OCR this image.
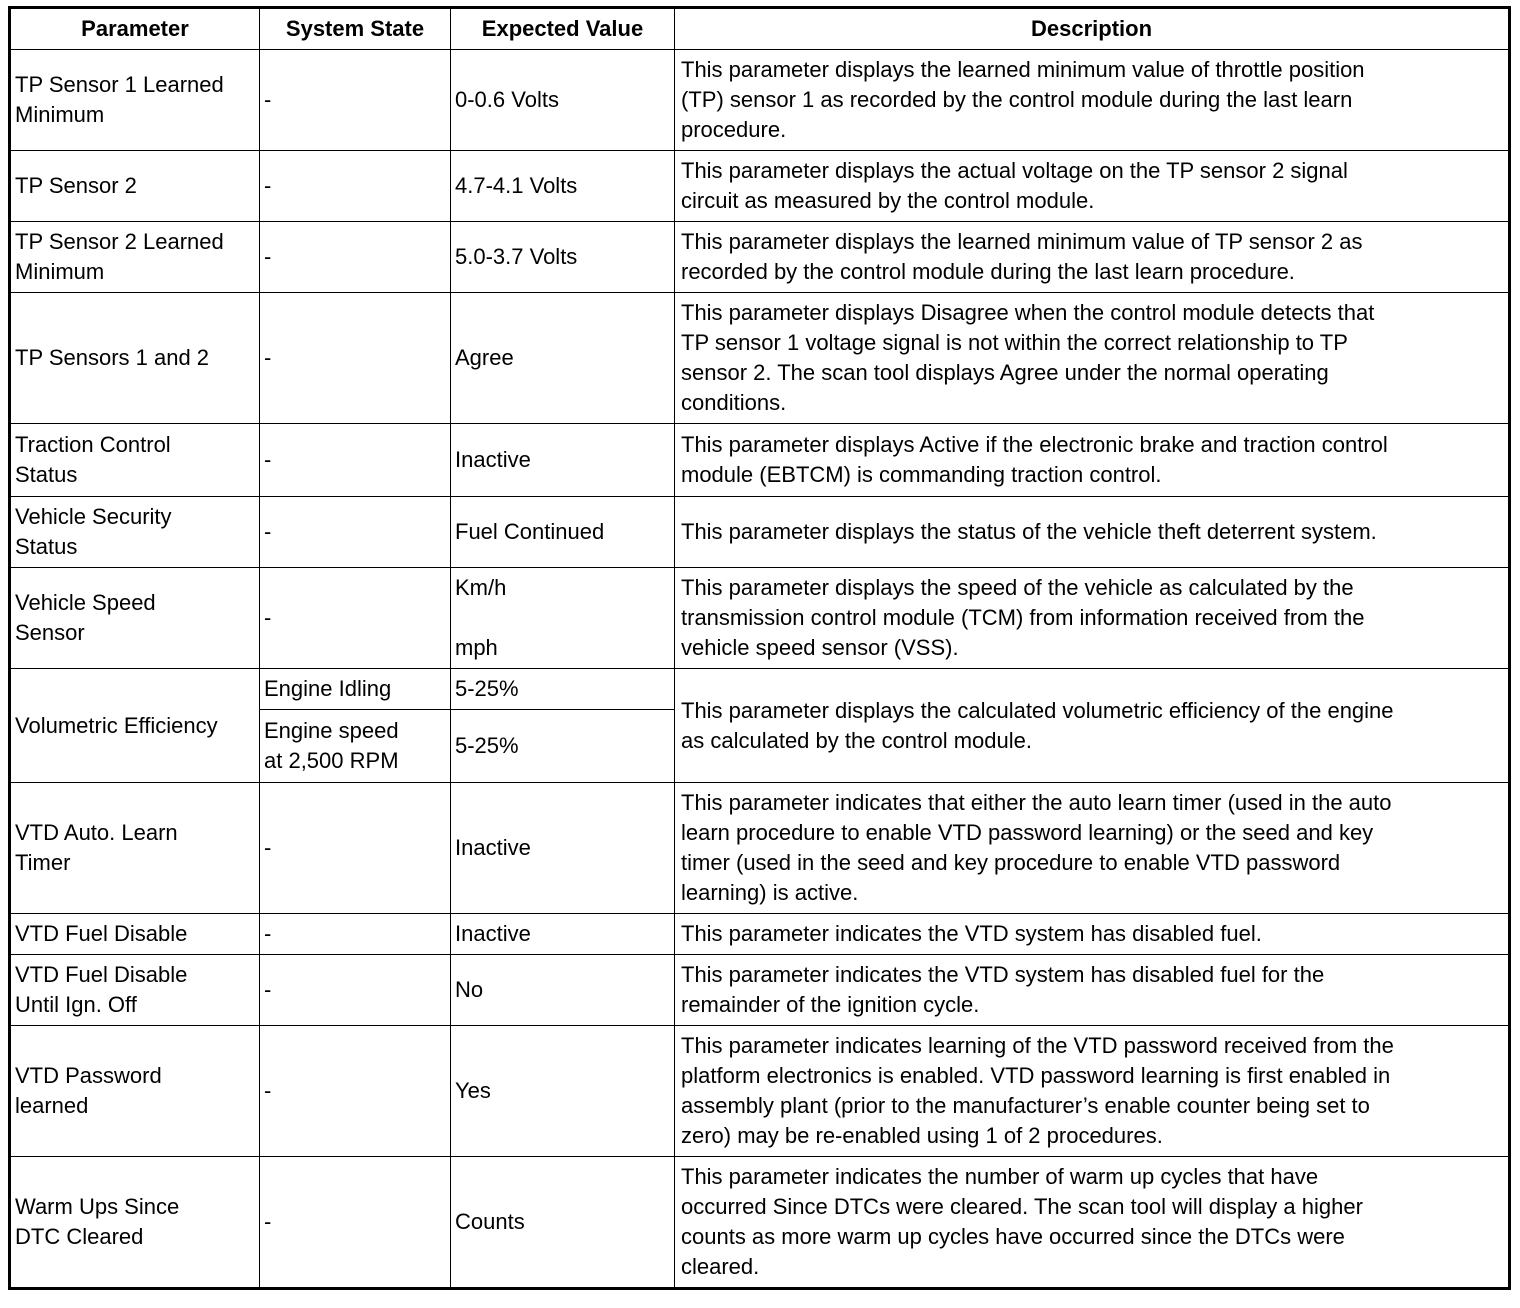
Parameter	System State	Expected Value	Description
TP Sensor 1 Learned
Minimum	-	0-0.6 Volts	This parameter displays the learned minimum value of throttle position
(TP) sensor 1 as recorded by the control module during the last learn
procedure.
TP Sensor 2	-	4.7-4.1 Volts	This parameter displays the actual voltage on the TP sensor 2 signal
circuit as measured by the control module.
TP Sensor 2 Learned
Minimum	-	5.0-3.7 Volts	This parameter displays the learned minimum value of TP sensor 2 as
recorded by the control module during the last learn procedure.
TP Sensors 1 and 2	-	Agree	This parameter displays Disagree when the control module detects that
TP sensor 1 voltage signal is not within the correct relationship to TP
sensor 2. The scan tool displays Agree under the normal operating
conditions.
Traction Control
Status	-	Inactive	This parameter displays Active if the electronic brake and traction control
module (EBTCM) is commanding traction control.
Vehicle Security
Status	-	Fuel Continued	This parameter displays the status of the vehicle theft deterrent system.
Vehicle Speed
Sensor	-	Km/h

mph	This parameter displays the speed of the vehicle as calculated by the
transmission control module (TCM) from information received from the
vehicle speed sensor (VSS).
Volumetric Efficiency	Engine Idling	5-25%	This parameter displays the calculated volumetric efficiency of the engine
as calculated by the control module.
	Engine speed
at 2,500 RPM	5-25%	
VTD Auto. Learn
Timer	-	Inactive	This parameter indicates that either the auto learn timer (used in the auto
learn procedure to enable VTD password learning) or the seed and key
timer (used in the seed and key procedure to enable VTD password
learning) is active.
VTD Fuel Disable	-	Inactive	This parameter indicates the VTD system has disabled fuel.
VTD Fuel Disable
Until Ign. Off	-	No	This parameter indicates the VTD system has disabled fuel for the
remainder of the ignition cycle.
VTD Password
learned	-	Yes	This parameter indicates learning of the VTD password received from the
platform electronics is enabled. VTD password learning is first enabled in
assembly plant (prior to the manufacturer’s enable counter being set to
zero) may be re-enabled using 1 of 2 procedures.
Warm Ups Since
DTC Cleared	-	Counts	This parameter indicates the number of warm up cycles that have
occurred Since DTCs were cleared. The scan tool will display a higher
counts as more warm up cycles have occurred since the DTCs were
cleared.
